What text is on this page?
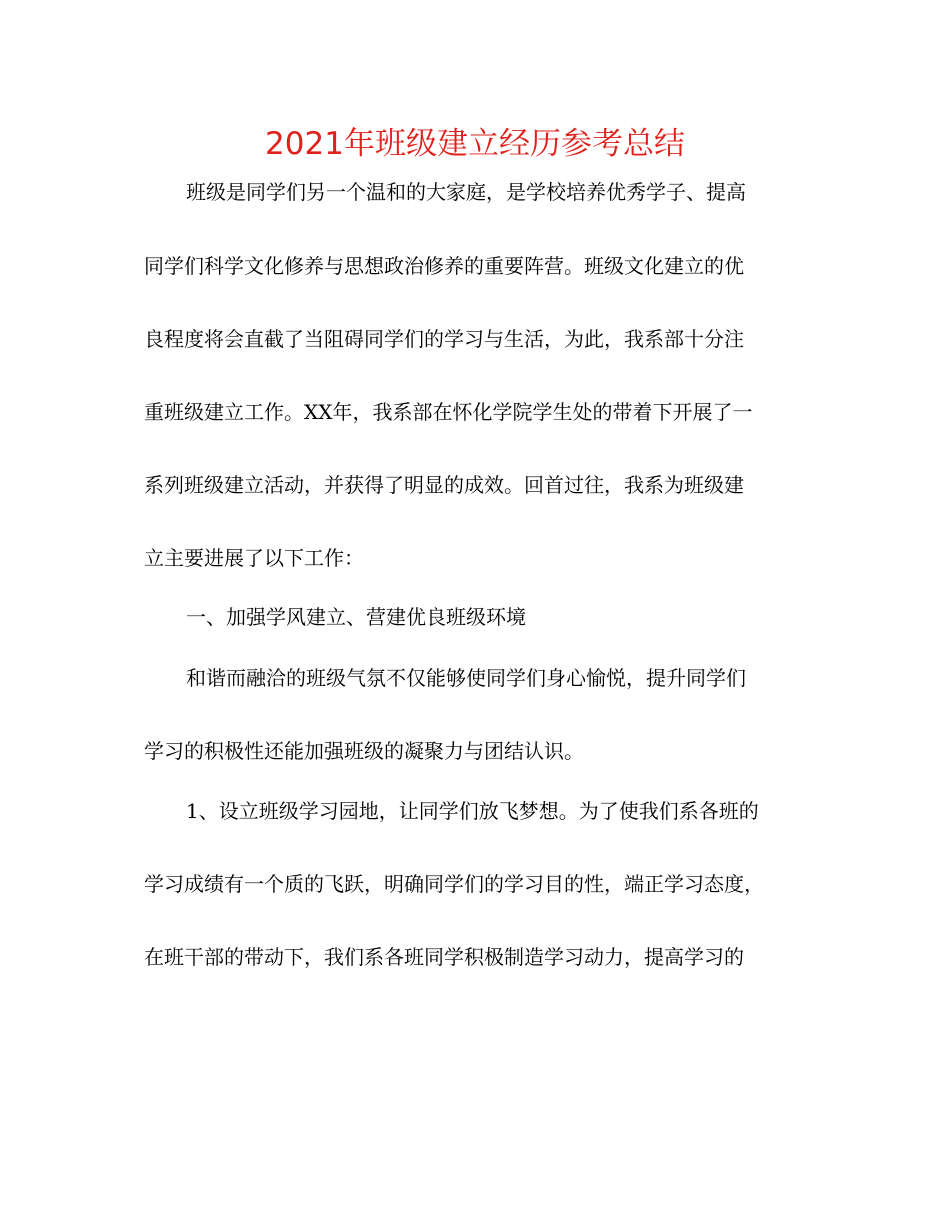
2021年班级建立经历参考总结

班级是同学们另一个温和的大家庭，是学校培养优秀学子、提高

同学们科学文化修养与思想政治修养的重要阵营。班级文化建立的优

良程度将会直截了当阻碍同学们的学习与生活，为此，我系部十分注

重班级建立工作。XX年，我系部在怀化学院学生处的带着下开展了一

系列班级建立活动，并获得了明显的成效。回首过往，我系为班级建

立主要进展了以下工作：

一、加强学风建立、营建优良班级环境

和谐而融洽的班级气氛不仅能够使同学们身心愉悦，提升同学们

学习的积极性还能加强班级的凝聚力与团结认识。

1、设立班级学习园地，让同学们放飞梦想。为了使我们系各班的

学习成绩有一个质的飞跃，明确同学们的学习目的性，端正学习态度，

在班干部的带动下，我们系各班同学积极制造学习动力，提高学习的
